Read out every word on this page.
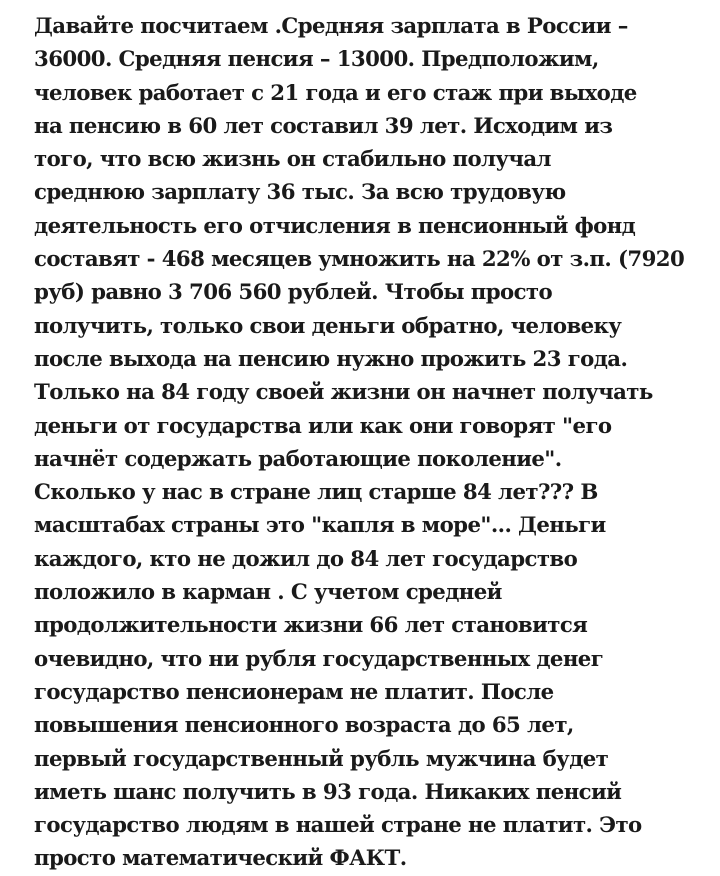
Давайте посчитаем .Средняя зарплата в России –
36000. Средняя пенсия – 13000. Предположим,
человек работает с 21 года и его стаж при выходе
на пенсию в 60 лет составил 39 лет. Исходим из
того, что всю жизнь он стабильно получал
среднюю зарплату 36 тыс. За всю трудовую
деятельность его отчисления в пенсионный фонд
составят - 468 месяцев умножить на 22% от з.п. (7920
руб) равно 3 706 560 рублей. Чтобы просто
получить, только свои деньги обратно, человеку
после выхода на пенсию нужно прожить 23 года.
Только на 84 году своей жизни он начнет получать
деньги от государства или как они говорят "его
начнёт содержать работающие поколение".
Сколько у нас в стране лиц старше 84 лет??? В
масштабах страны это "капля в море"... Деньги
каждого, кто не дожил до 84 лет государство
положило в карман . С учетом средней
продолжительности жизни 66 лет становится
очевидно, что ни рубля государственных денег
государство пенсионерам не платит. После
повышения пенсионного возраста до 65 лет,
первый государственный рубль мужчина будет
иметь шанс получить в 93 года. Никаких пенсий
государство людям в нашей стране не платит. Это
просто математический ФАКТ.
